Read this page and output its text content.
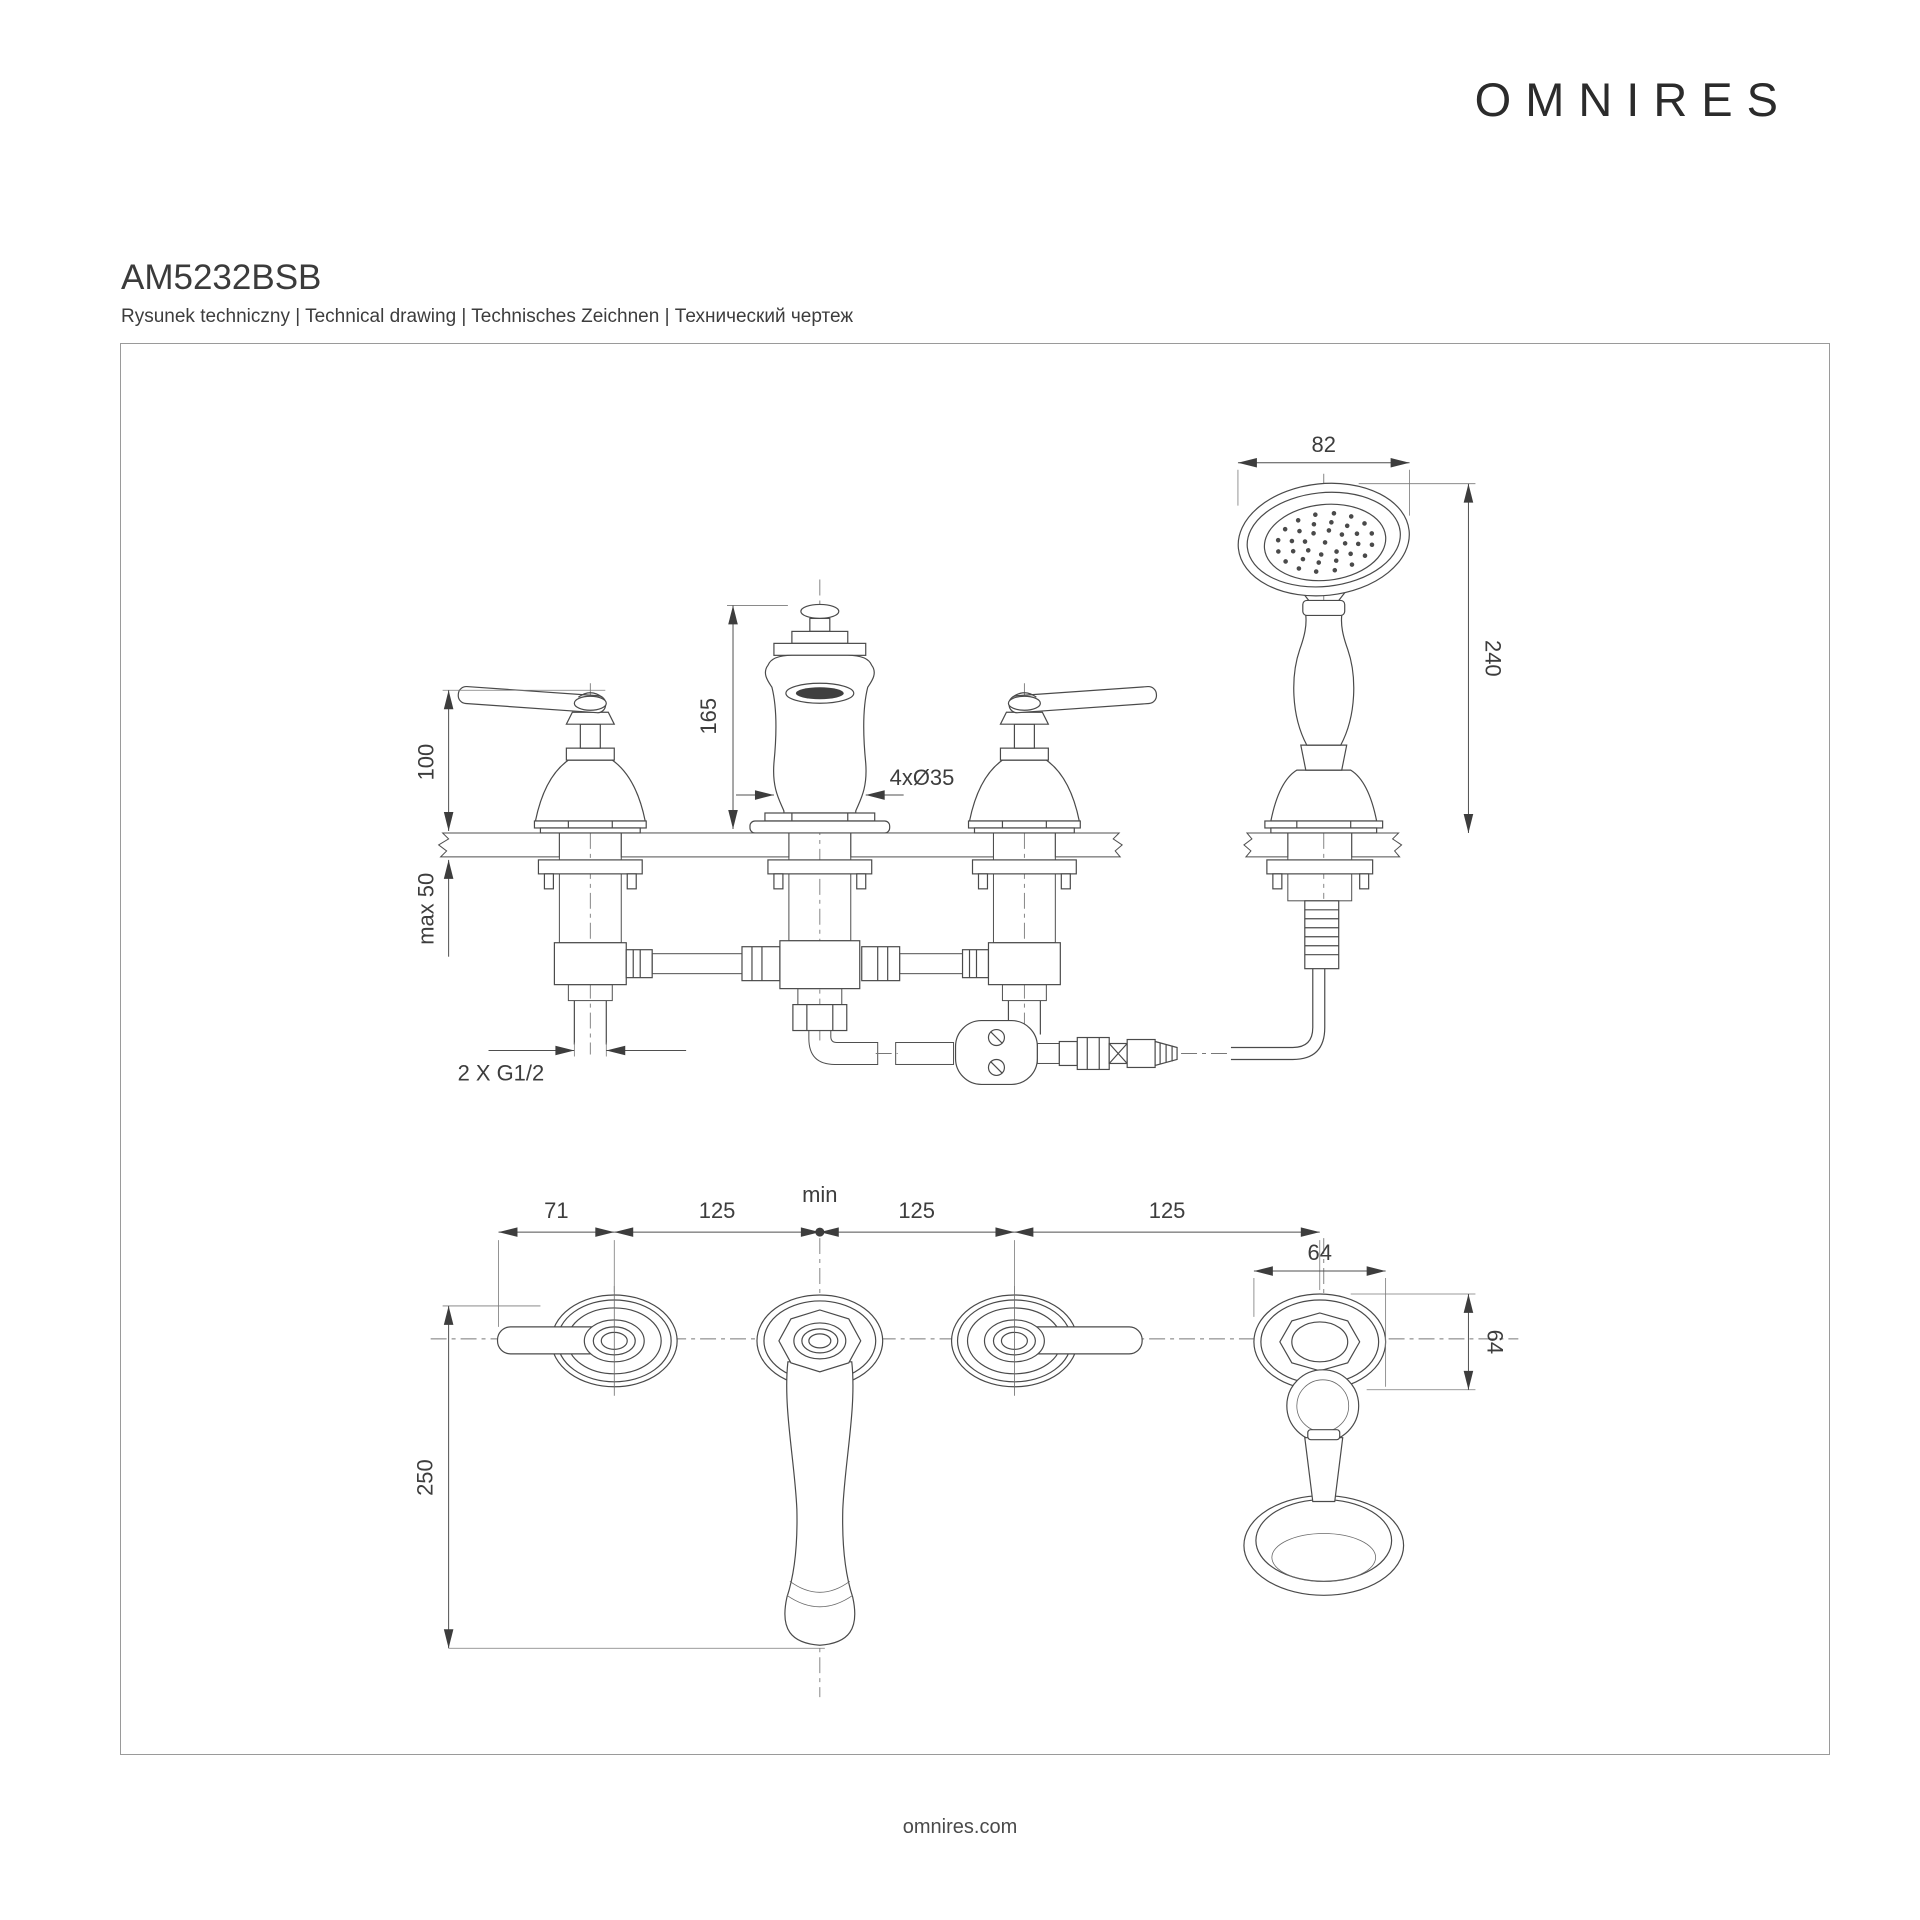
OMNIRES
AM5232BSB
Rysunek techniczny | Technical drawing | Technisches Zeichnen | Технический чертеж
100
max 50
165
4xØ35
2 X G1/2
82
240
71	125
min
125	125
250
64
64
omnires.com
